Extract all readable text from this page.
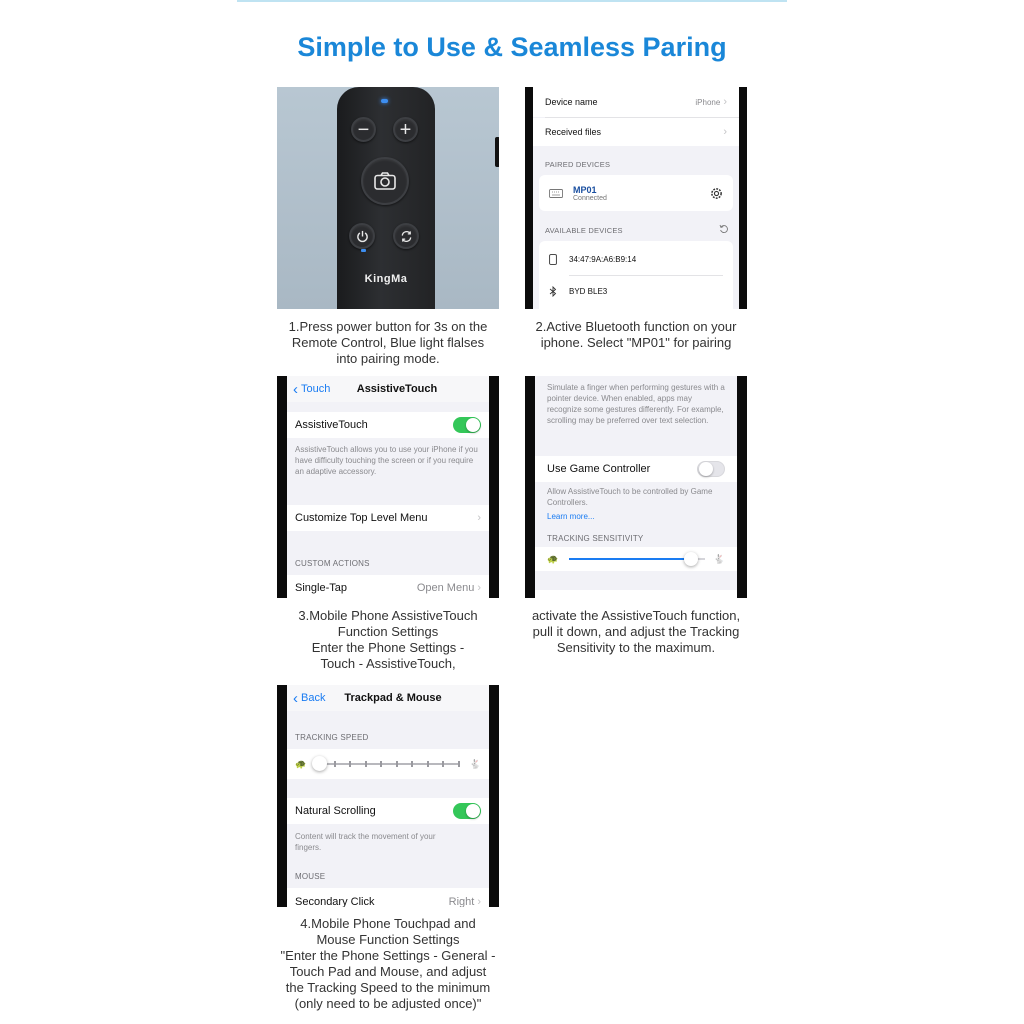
Simple to Use & Seamless Paring
− +
KingMa
1.Press power button for 3s on the
Remote Control, Blue light flalses
into pairing mode.
Device name	iPhone ›
Received files	›
PAIRED DEVICES
MP01
Connected
AVAILABLE DEVICES
34:47:9A:A6:B9:14
BYD BLE3
2.Active Bluetooth function on your
iphone. Select "MP01" for pairing
‹ Touch	AssistiveTouch
AssistiveTouch
AssistiveTouch allows you to use your iPhone if you have difficulty touching the screen or if you require an adaptive accessory.
Customize Top Level Menu	›
CUSTOM ACTIONS
Single-Tap	Open Menu ›
3.Mobile Phone AssistiveTouch
Function Settings
Enter the Phone Settings -
Touch - AssistiveTouch,
Simulate a finger when performing gestures with a pointer device. When enabled, apps may recognize some gestures differently. For example, scrolling may be preferred over text selection.
Use Game Controller
Allow AssistiveTouch to be controlled by Game Controllers.
Learn more...
TRACKING SENSITIVITY
🐢	🐇
activate the AssistiveTouch function,
pull it down, and adjust the Tracking
Sensitivity to the maximum.
‹ Back	Trackpad & Mouse
TRACKING SPEED
🐢	🐇
Natural Scrolling
Content will track the movement of your fingers.
MOUSE
Secondary Click	Right ›
4.Mobile Phone Touchpad and
Mouse Function Settings
"Enter the Phone Settings - General -
Touch Pad and Mouse, and adjust
the Tracking Speed to the minimum
(only need to be adjusted once)"
